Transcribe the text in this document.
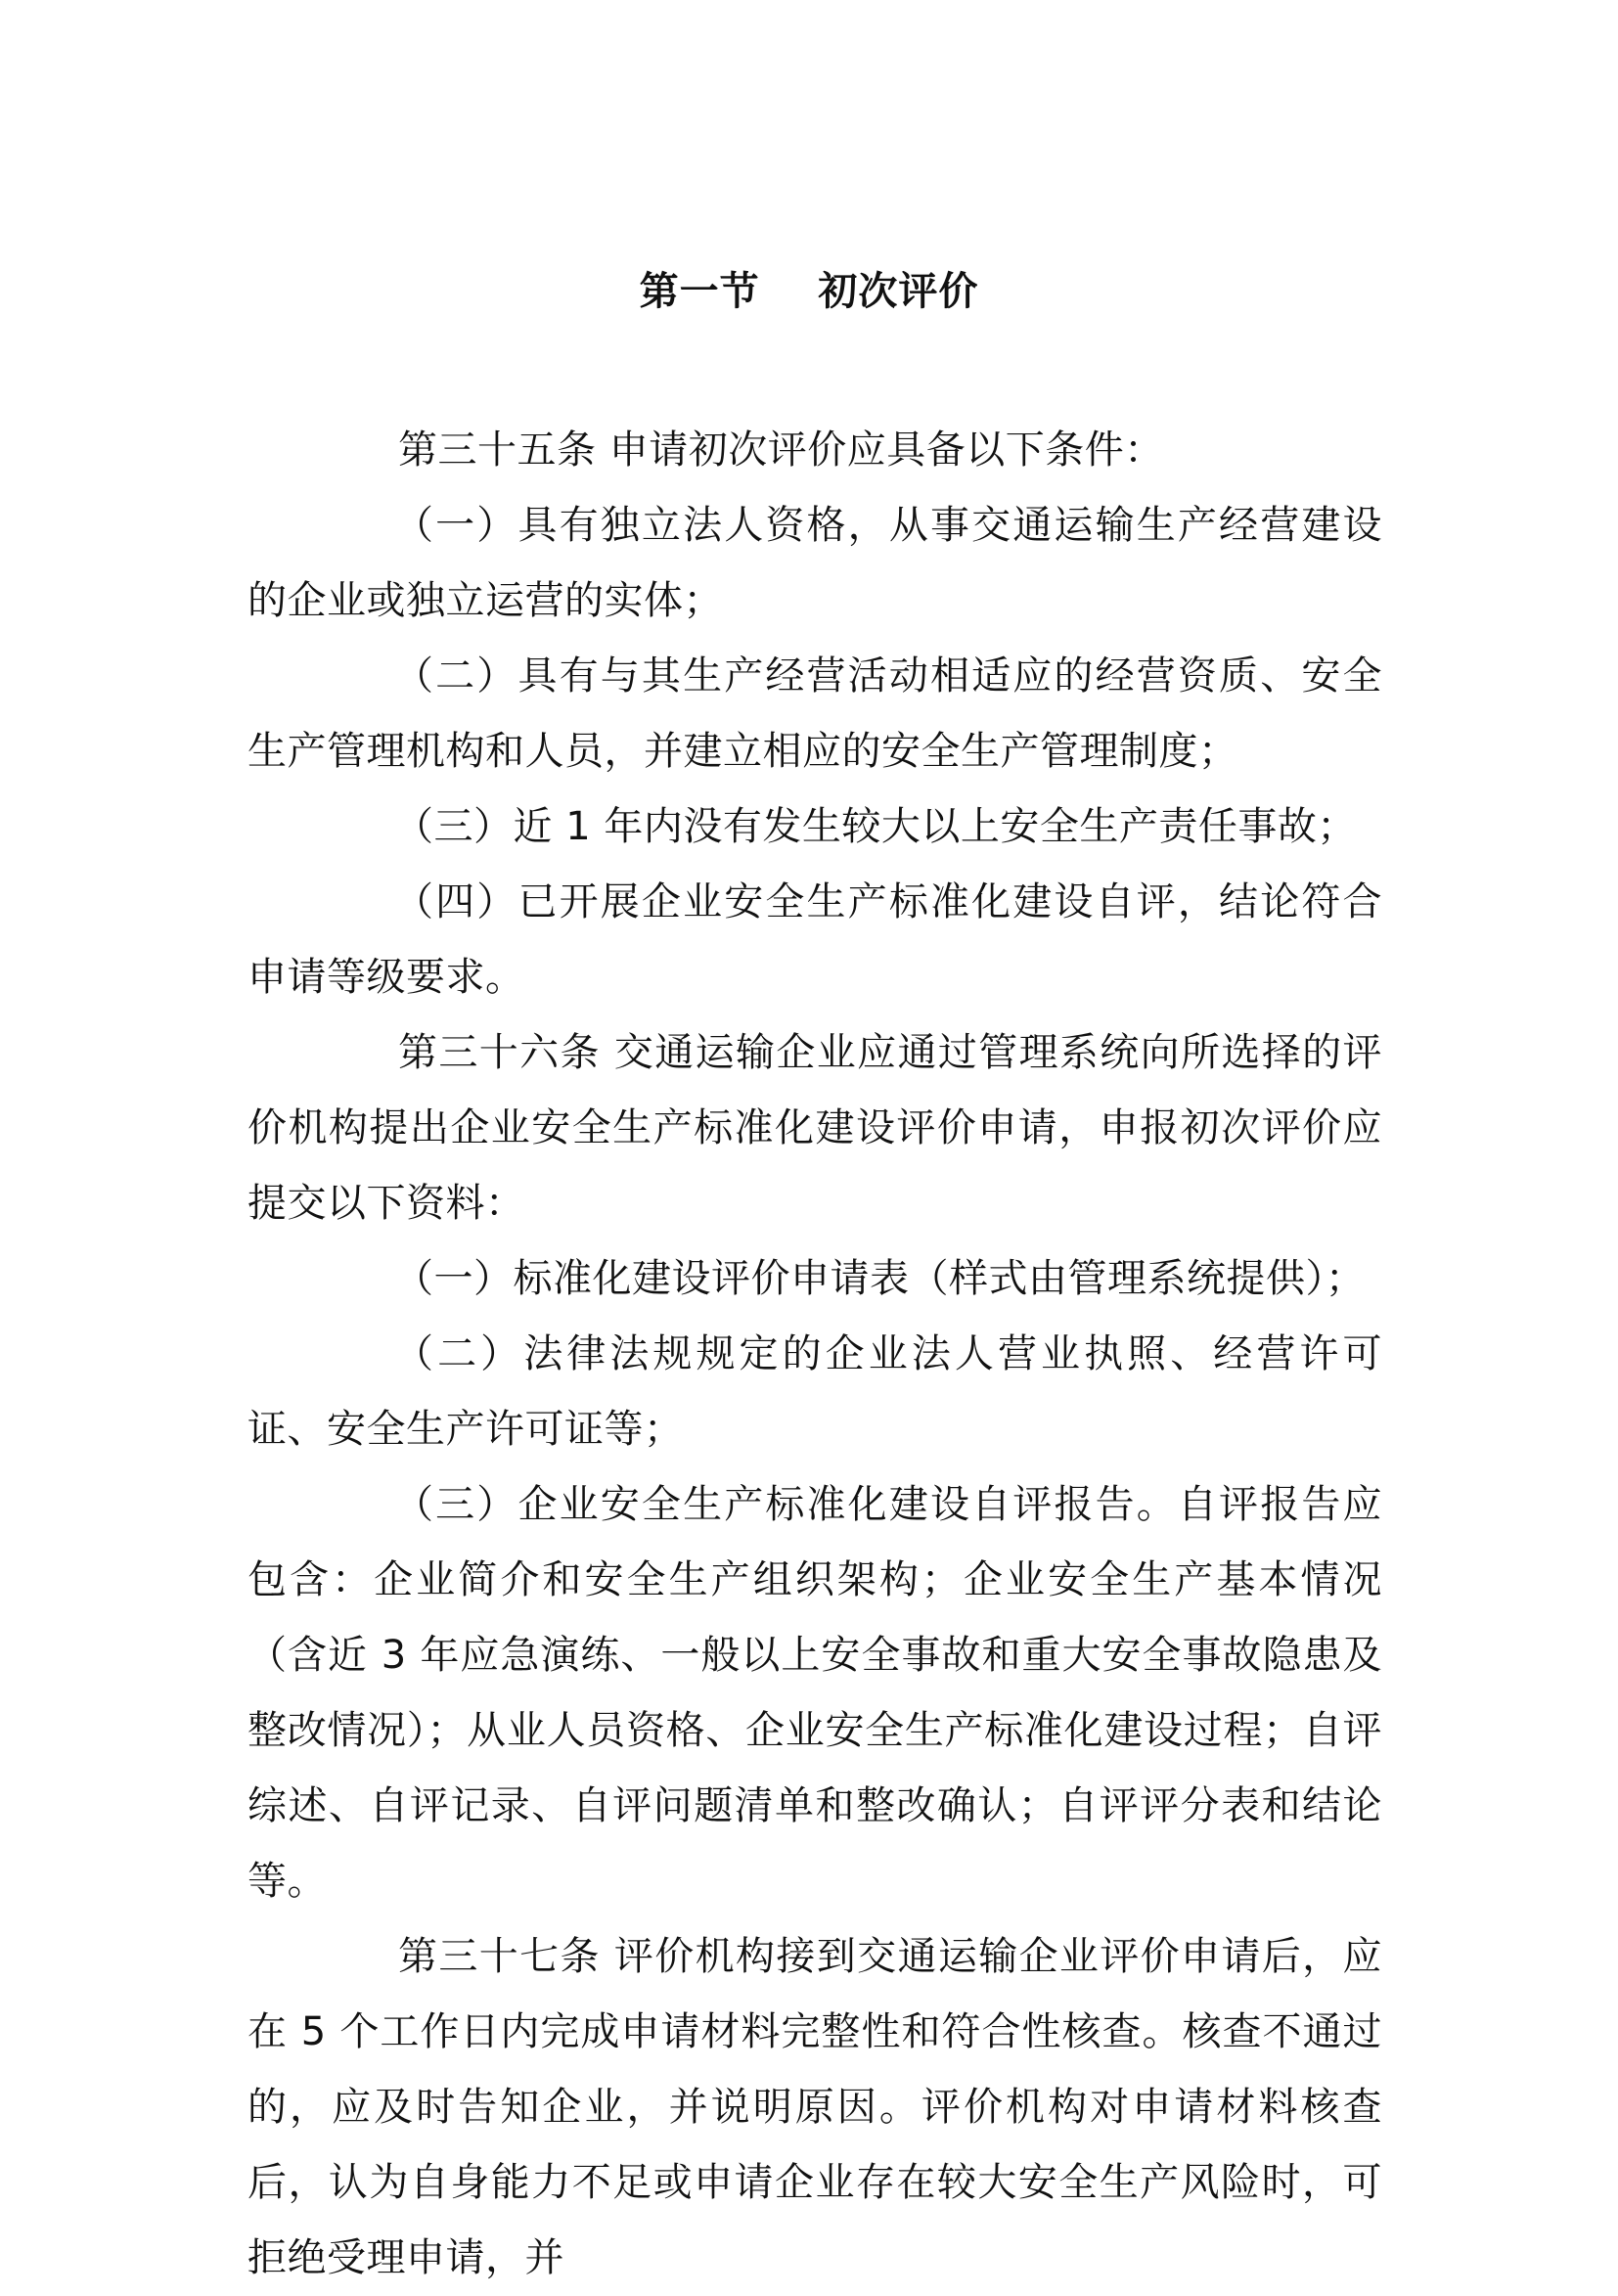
第一节    初次评价

第三十五条 申请初次评价应具备以下条件：

（一）具有独立法人资格，从事交通运输生产经营建设的企业或独立运营的实体；

（二）具有与其生产经营活动相适应的经营资质、安全生产管理机构和人员，并建立相应的安全生产管理制度；

（三）近 1 年内没有发生较大以上安全生产责任事故；

（四）已开展企业安全生产标准化建设自评，结论符合申请等级要求。

第三十六条 交通运输企业应通过管理系统向所选择的评价机构提出企业安全生产标准化建设评价申请，申报初次评价应提交以下资料：

（一）标准化建设评价申请表（样式由管理系统提供）；

（二）法律法规规定的企业法人营业执照、经营许可证、安全生产许可证等；

（三）企业安全生产标准化建设自评报告。自评报告应包含：企业简介和安全生产组织架构；企业安全生产基本情况（含近 3 年应急演练、一般以上安全事故和重大安全事故隐患及整改情况）；从业人员资格、企业安全生产标准化建设过程；自评综述、自评记录、自评问题清单和整改确认；自评评分表和结论等。

第三十七条 评价机构接到交通运输企业评价申请后，应在 5 个工作日内完成申请材料完整性和符合性核查。核查不通过的，应及时告知企业，并说明原因。评价机构对申请材料核查后，认为自身能力不足或申请企业存在较大安全生产风险时，可拒绝受理申请，并
